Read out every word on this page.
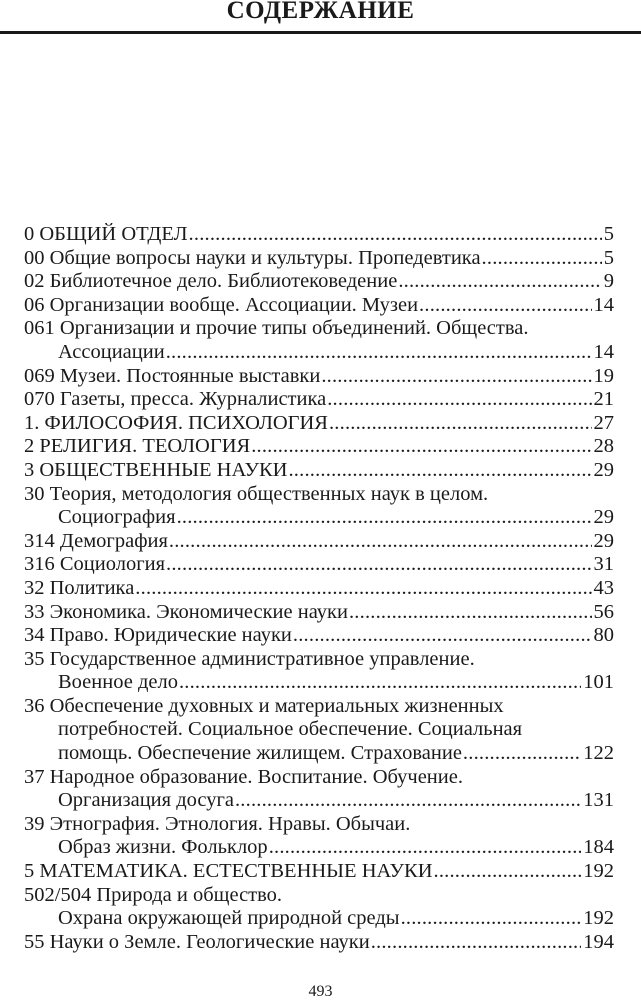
СОДЕРЖАНИЕ
0 ОБЩИЙ ОТДЕЛ .....	5
00 Общие вопросы науки и культуры. Пропедевтика .....	5
02 Библиотечное дело. Библиотековедение .....	9
06 Организации вообще. Ассоциации. Музеи .....	14
061 Организации и прочие типы объединений. Общества.
Ассоциации .....	14
069 Музеи. Постоянные выставки .....	19
070 Газеты, пресса. Журналистика .....	21
1. ФИЛОСОФИЯ. ПСИХОЛОГИЯ .....	27
2 РЕЛИГИЯ. ТЕОЛОГИЯ .....	28
3 ОБЩЕСТВЕННЫЕ НАУКИ .....	29
30 Теория, методология общественных наук в целом.
Социография .....	29
314 Демография .....	29
316 Социология .....	31
32 Политика .....	43
33 Экономика. Экономические науки .....	56
34 Право. Юридические науки .....	80
35 Государственное административное управление.
Военное дело .....	101
36 Обеспечение духовных и материальных жизненных
потребностей. Социальное обеспечение. Социальная
помощь. Обеспечение жилищем. Страхование .....	122
37 Народное образование. Воспитание. Обучение.
Организация досуга .....	131
39 Этнография. Этнология. Нравы. Обычаи.
Образ жизни. Фольклор .....	184
5 МАТЕМАТИКА. ЕСТЕСТВЕННЫЕ НАУКИ .....	192
502/504 Природа и общество.
Охрана окружающей природной среды .....	192
55 Науки о Земле. Геологические науки .....	194
493
